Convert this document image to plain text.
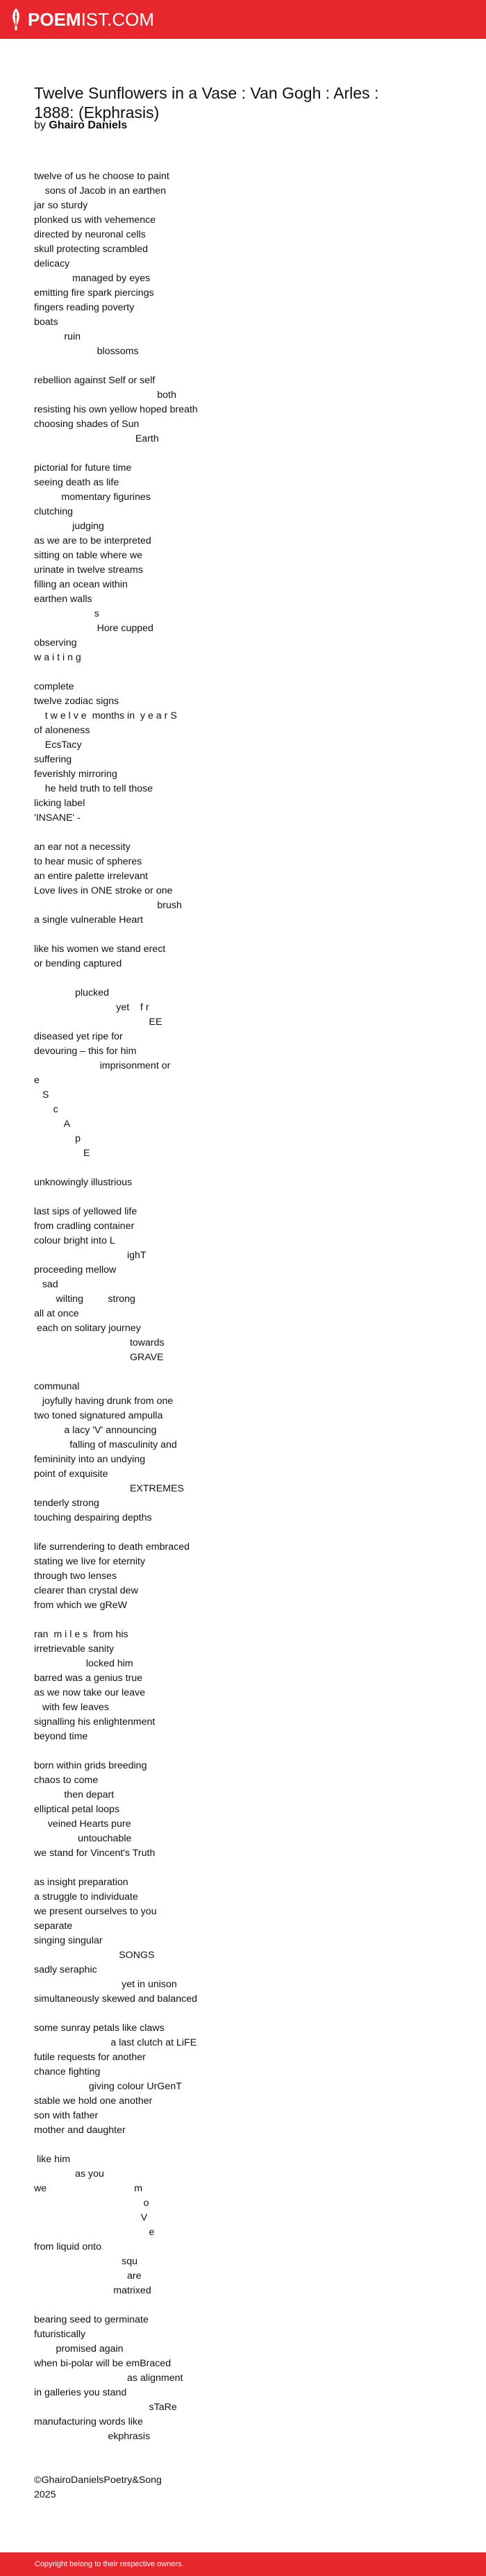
POEM IST.COM
Twelve Sunflowers in a Vase : Van Gogh : Arles : 1888: (Ekphrasis)
by Ghairo Daniels
twelve of us he choose to paint
sons of Jacob in an earthen
jar so sturdy
plonked us with vehemence
directed by neuronal cells
skull protecting scrambled
delicacy
managed by eyes
emitting fire spark piercings
fingers reading poverty
boats
ruin
blossoms
rebellion against Self or self
both
resisting his own yellow hoped breath
choosing shades of Sun
Earth
pictorial for future time
seeing death as life
momentary figurines
clutching
judging
as we are to be interpreted
sitting on table where we
urinate in twelve streams
filling an ocean within
earthen walls
s
Hore cupped
observing
w a i t i n g
complete
twelve zodiac signs
t w e l v e  months in  y e a r S
of aloneness
EcsTacy
suffering
feverishly mirroring
he held truth to tell those
licking label
'INSANE' -
an ear not a necessity
to hear music of spheres
an entire palette irrelevant
Love lives in ONE stroke or one
brush
a single vulnerable Heart
like his women we stand erect
or bending captured
plucked
yet    f r
EE
diseased yet ripe for
devouring – this for him
imprisonment or
e
S
c
A
p
E
unknowingly illustrious
last sips of yellowed life
from cradling container
colour bright into L
ighT
proceeding mellow
sad
wilting         strong
all at once
each on solitary journey
towards
GRAVE
communal
joyfully having drunk from one
two toned signatured ampulla
a lacy 'V' announcing
falling of masculinity and
femininity into an undying
point of exquisite
EXTREMES
tenderly strong
touching despairing depths
life surrendering to death embraced
stating we live for eternity
through two lenses
clearer than crystal dew
from which we gReW
ran  m i l e s  from his
irretrievable sanity
locked him
barred was a genius true
as we now take our leave
with few leaves
signalling his enlightenment
beyond time
born within grids breeding
chaos to come
then depart
elliptical petal loops
veined Hearts pure
untouchable
we stand for Vincent's Truth
as insight preparation
a struggle to individuate
we present ourselves to you
separate
singing singular
SONGS
sadly seraphic
yet in unison
simultaneously skewed and balanced
some sunray petals like claws
a last clutch at LiFE
futile requests for another
chance fighting
giving colour UrGenT
stable we hold one another
son with father
mother and daughter
like him
as you
we                                m
o
V
e
from liquid onto
squ
are
matrixed
bearing seed to germinate
futuristically
promised again
when bi-polar will be emBraced
as alignment
in galleries you stand
sTaRe
manufacturing words like
ekphrasis
©GhairoDanielsPoetry&Song
2025
Copyright belong to their respective owners.
